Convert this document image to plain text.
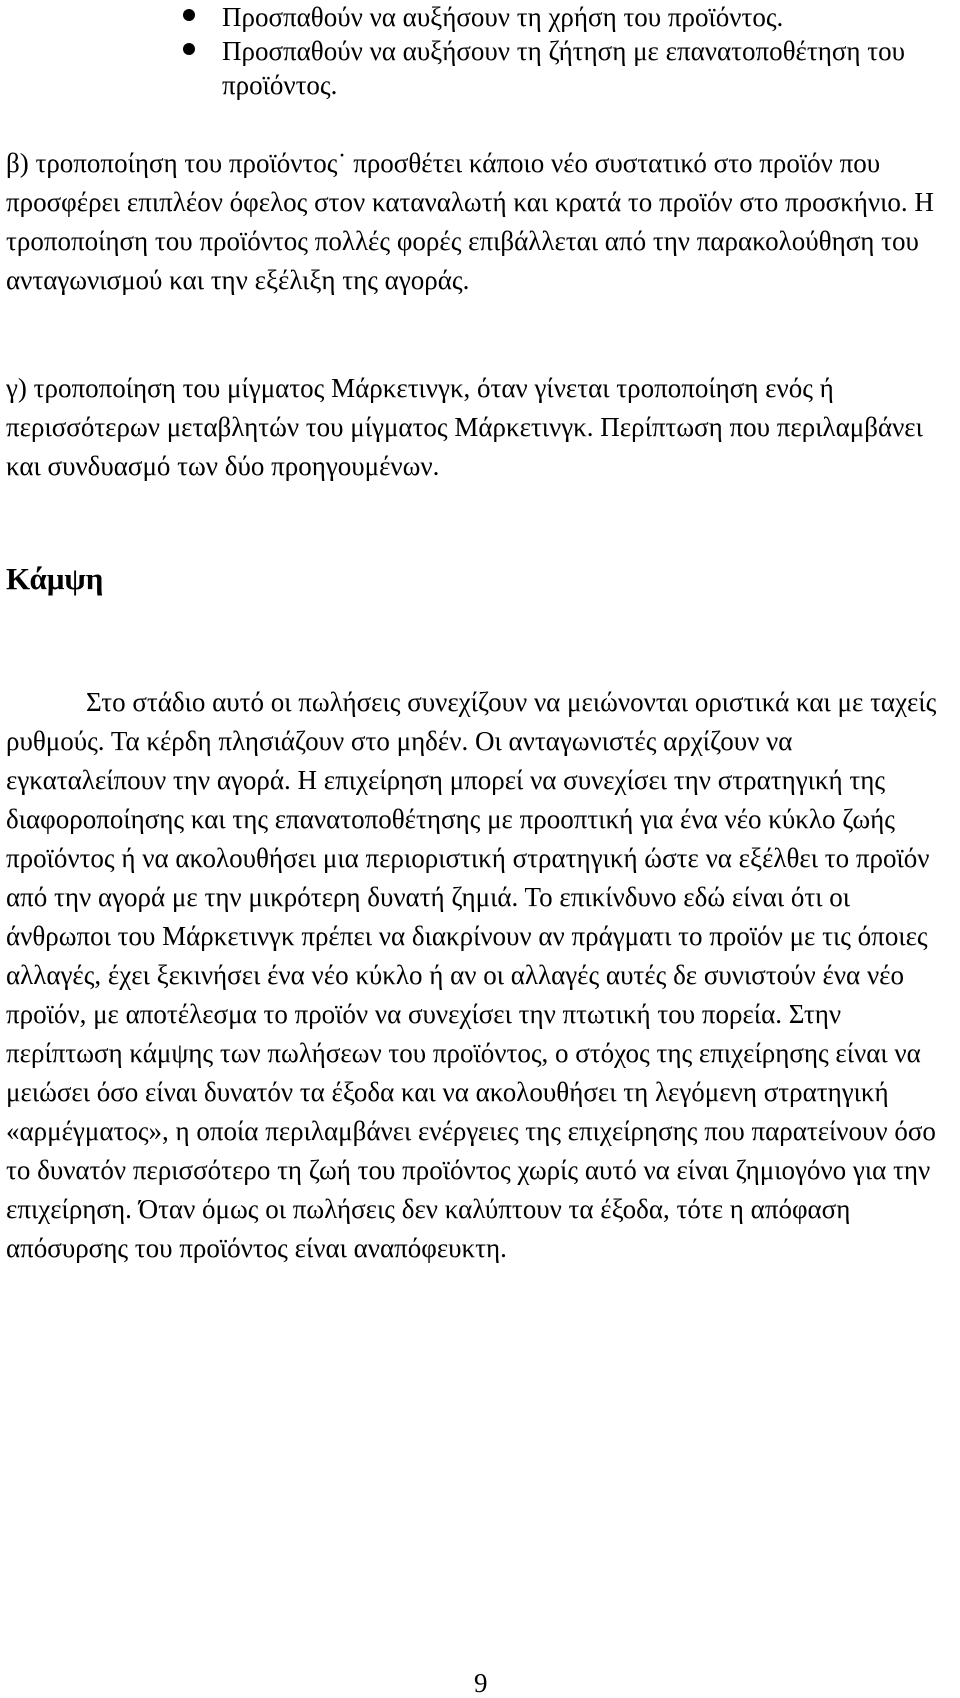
Προσπαθούν να αυξήσουν τη χρήση του προϊόντος.
Προσπαθούν να αυξήσουν τη ζήτηση με επανατοποθέτηση του προϊόντος.

β) τροποποίηση του προϊόντος˙ προσθέτει κάποιο νέο συστατικό στο προϊόν που προσφέρει επιπλέον όφελος στον καταναλωτή και κρατά το προϊόν στο προσκήνιο. Η τροποποίηση του προϊόντος πολλές φορές επιβάλλεται από την παρακολούθηση του ανταγωνισμού και την εξέλιξη της αγοράς.

γ) τροποποίηση του μίγματος Μάρκετινγκ, όταν γίνεται τροποποίηση ενός ή περισσότερων μεταβλητών του μίγματος Μάρκετινγκ. Περίπτωση που περιλαμβάνει και συνδυασμό των δύο προηγουμένων.

Κάμψη

Στο στάδιο αυτό οι πωλήσεις συνεχίζουν να μειώνονται οριστικά και με ταχείς ρυθμούς. Τα κέρδη πλησιάζουν στο μηδέν. Οι ανταγωνιστές αρχίζουν να εγκαταλείπουν την αγορά. Η επιχείρηση μπορεί να συνεχίσει την στρατηγική της διαφοροποίησης και της επανατοποθέτησης με προοπτική για ένα νέο κύκλο ζωής προϊόντος ή να ακολουθήσει μια περιοριστική στρατηγική ώστε να εξέλθει το προϊόν από την αγορά με την μικρότερη δυνατή ζημιά. Το επικίνδυνο εδώ είναι ότι οι άνθρωποι του Μάρκετινγκ πρέπει να διακρίνουν αν πράγματι το προϊόν με τις όποιες αλλαγές, έχει ξεκινήσει ένα νέο κύκλο ή αν οι αλλαγές αυτές δε συνιστούν ένα νέο προϊόν, με αποτέλεσμα το προϊόν να συνεχίσει την πτωτική του πορεία. Στην περίπτωση κάμψης των πωλήσεων του προϊόντος, ο στόχος της επιχείρησης είναι να μειώσει όσο είναι δυνατόν τα έξοδα και να ακολουθήσει τη λεγόμενη στρατηγική «αρμέγματος», η οποία περιλαμβάνει ενέργειες της επιχείρησης που παρατείνουν όσο το δυνατόν περισσότερο τη ζωή του προϊόντος χωρίς αυτό να είναι ζημιογόνο για την επιχείρηση. Όταν όμως οι πωλήσεις δεν καλύπτουν τα έξοδα, τότε η απόφαση απόσυρσης του προϊόντος είναι αναπόφευκτη.

9
